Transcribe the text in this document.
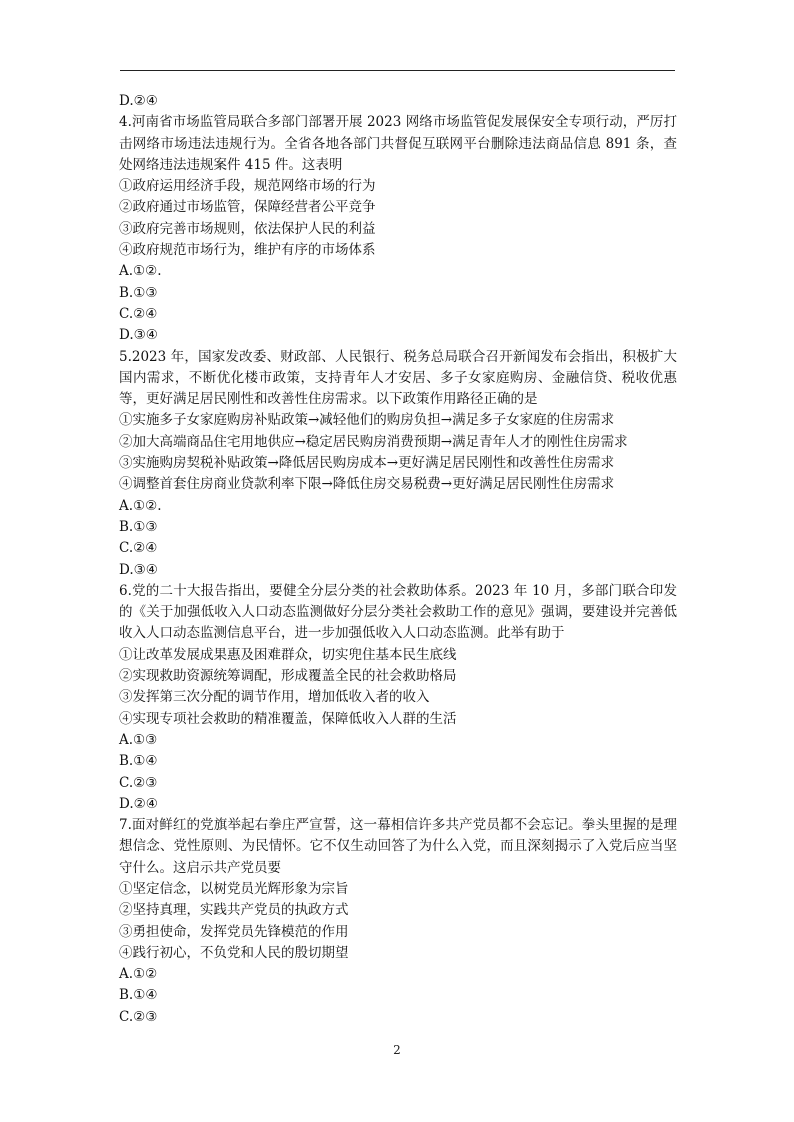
D.②④
4.河南省市场监管局联合多部门部署开展 2023 网络市场监管促发展保安全专项行动，严厉打击网络市场违法违规行为。全省各地各部门共督促互联网平台删除违法商品信息 891 条，查处网络违法违规案件 415 件。这表明
①政府运用经济手段，规范网络市场的行为
②政府通过市场监管，保障经营者公平竞争
③政府完善市场规则，依法保护人民的利益
④政府规范市场行为，维护有序的市场体系
A.①②.
B.①③
C.②④
D.③④
5.2023 年，国家发改委、财政部、人民银行、税务总局联合召开新闻发布会指出，积极扩大国内需求，不断优化楼市政策，支持青年人才安居、多子女家庭购房、金融信贷、税收优惠等，更好满足居民刚性和改善性住房需求。以下政策作用路径正确的是
①实施多子女家庭购房补贴政策→减轻他们的购房负担→满足多子女家庭的住房需求
②加大高端商品住宅用地供应→稳定居民购房消费预期→满足青年人才的刚性住房需求
③实施购房契税补贴政策→降低居民购房成本→更好满足居民刚性和改善性住房需求
④调整首套住房商业贷款利率下限→降低住房交易税费→更好满足居民刚性住房需求
A.①②.
B.①③
C.②④
D.③④
6.党的二十大报告指出，要健全分层分类的社会救助体系。2023 年 10 月，多部门联合印发的《关于加强低收入人口动态监测做好分层分类社会救助工作的意见》强调，要建设并完善低收入人口动态监测信息平台，进一步加强低收入人口动态监测。此举有助于
①让改革发展成果惠及困难群众，切实兜住基本民生底线
②实现救助资源统筹调配，形成覆盖全民的社会救助格局
③发挥第三次分配的调节作用，增加低收入者的收入
④实现专项社会救助的精准覆盖，保障低收入人群的生活
A.①③
B.①④
C.②③
D.②④
7.面对鲜红的党旗举起右拳庄严宣誓，这一幕相信许多共产党员都不会忘记。拳头里握的是理想信念、党性原则、为民情怀。它不仅生动回答了为什么入党，而且深刻揭示了入党后应当坚守什么。这启示共产党员要
①坚定信念，以树党员光辉形象为宗旨
②坚持真理，实践共产党员的执政方式
③勇担使命，发挥党员先锋模范的作用
④践行初心，不负党和人民的殷切期望
A.①②
B.①④
C.②③
2
